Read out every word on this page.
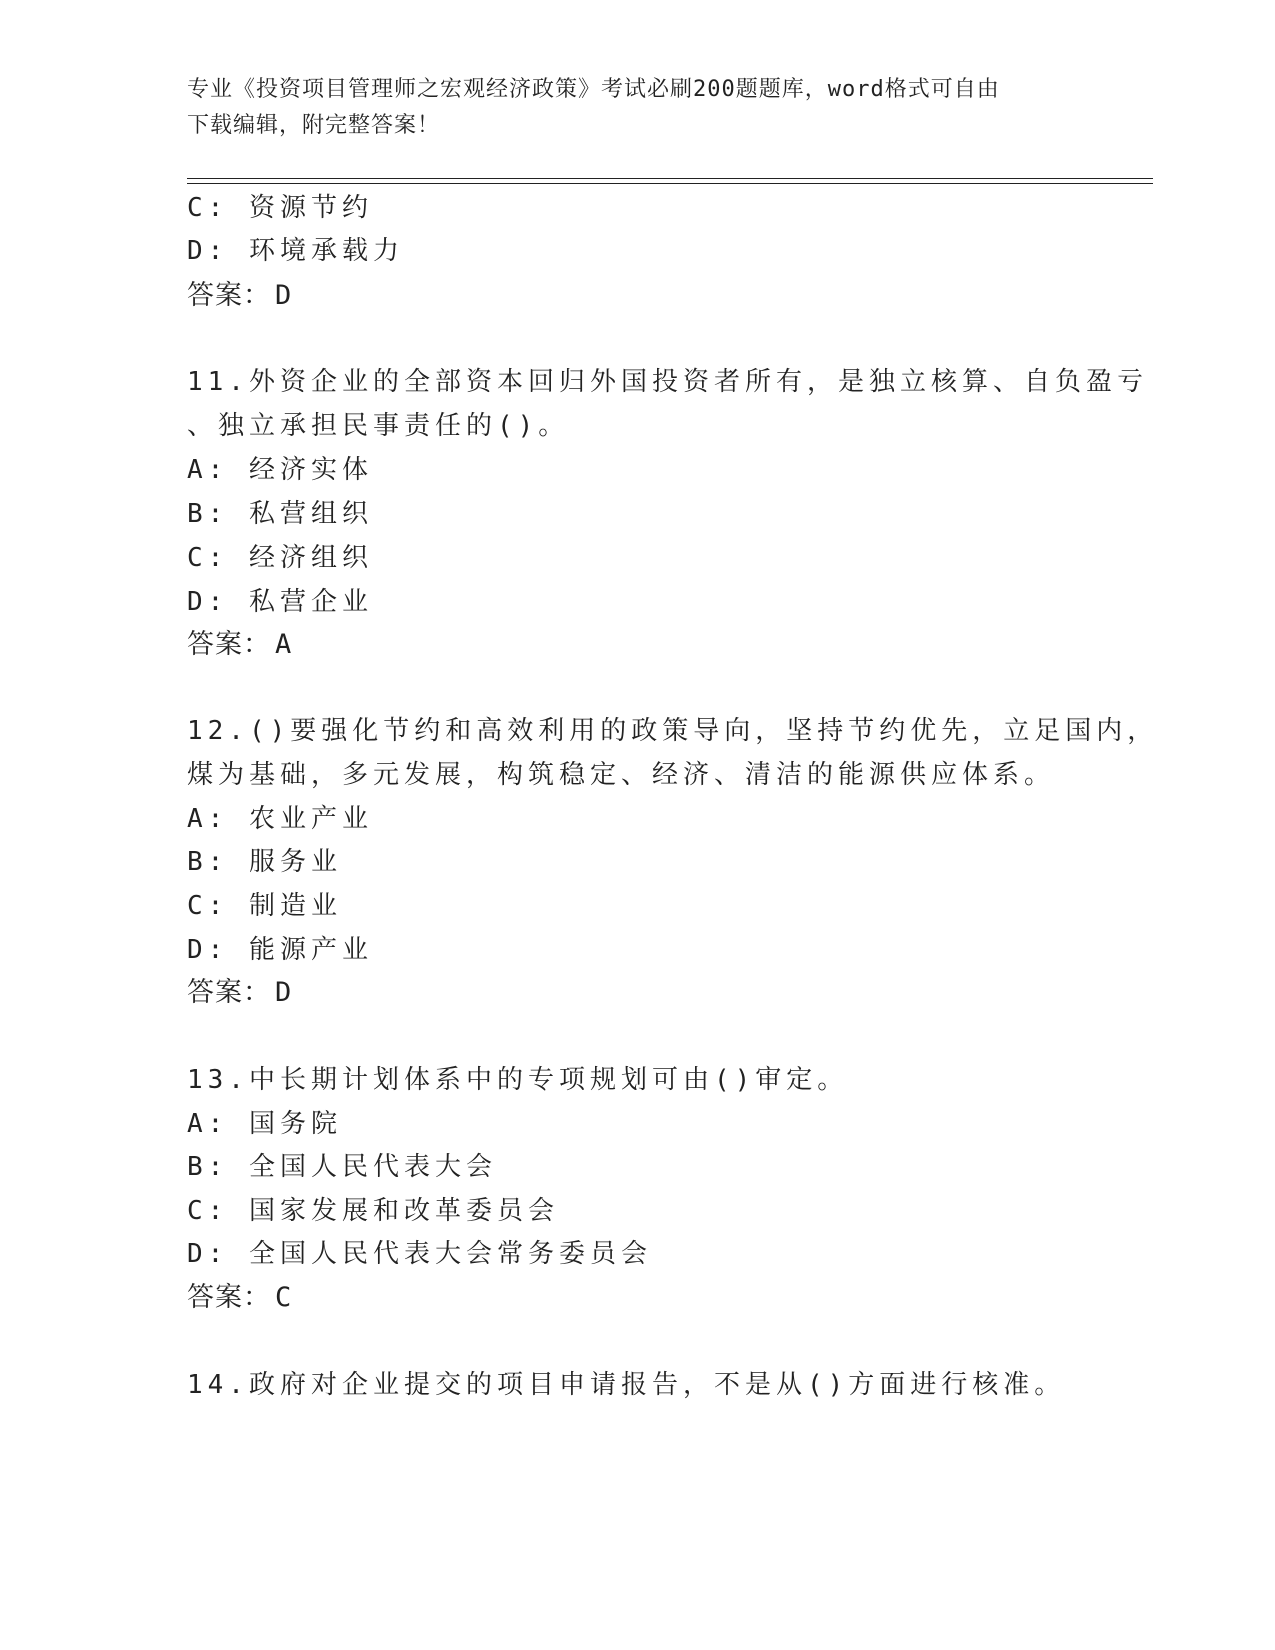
专业《投资项目管理师之宏观经济政策》考试必刷200题题库，word格式可自由
下载编辑，附完整答案！
C: 资源节约
D: 环境承载力
答案： D
11.外资企业的全部资本回归外国投资者所有，是独立核算、自负盈亏
、独立承担民事责任的()。
A: 经济实体
B: 私营组织
C: 经济组织
D: 私营企业
答案： A
12.()要强化节约和高效利用的政策导向，坚持节约优先，立足国内，
煤为基础，多元发展，构筑稳定、经济、清洁的能源供应体系。
A: 农业产业
B: 服务业
C: 制造业
D: 能源产业
答案： D
13.中长期计划体系中的专项规划可由()审定。
A: 国务院
B: 全国人民代表大会
C: 国家发展和改革委员会
D: 全国人民代表大会常务委员会
答案： C
14.政府对企业提交的项目申请报告，不是从()方面进行核准。
